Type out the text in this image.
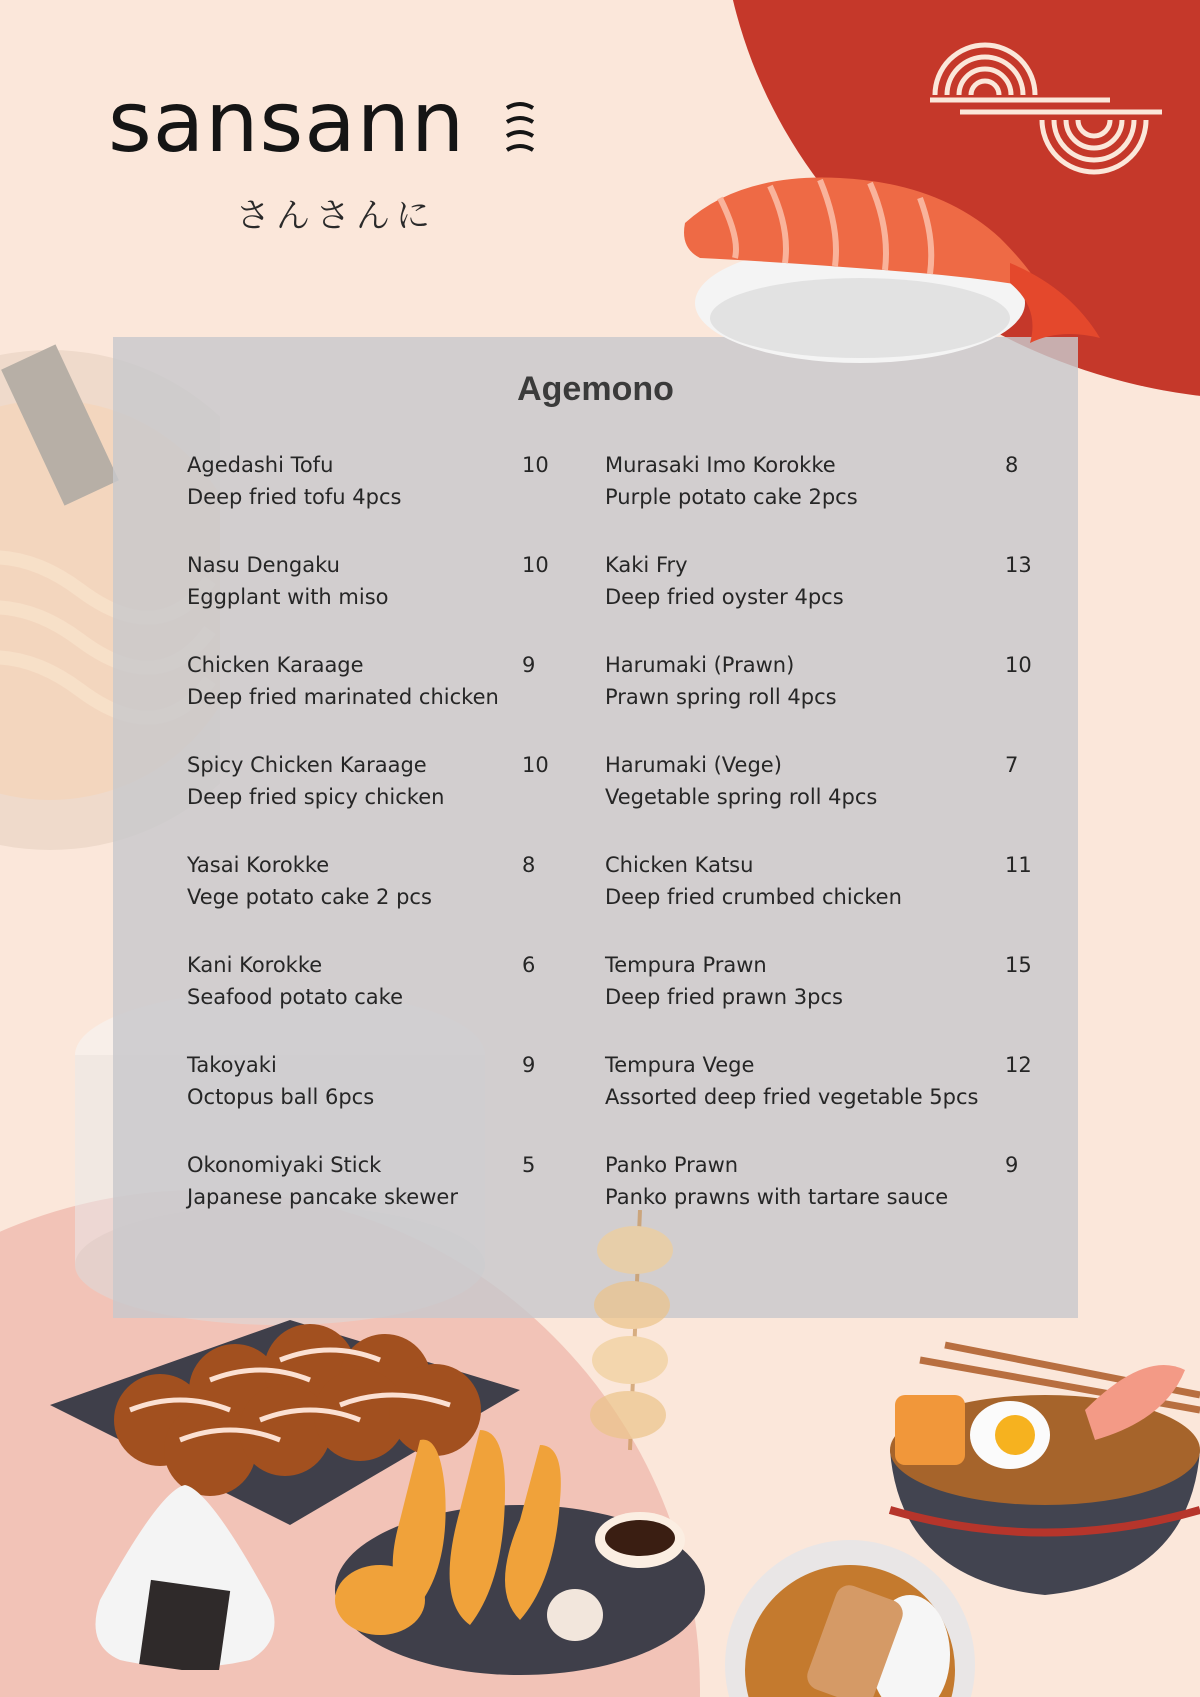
sansann
さんさんに
Agemono
Agedashi Tofu
Deep fried tofu 4pcs
10
Nasu Dengaku
Eggplant with miso
10
Chicken Karaage
Deep fried marinated chicken
9
Spicy Chicken Karaage
Deep fried spicy chicken
10
Yasai Korokke
Vege potato cake 2 pcs
8
Kani Korokke
Seafood potato cake
6
Takoyaki
Octopus ball 6pcs
9
Okonomiyaki Stick
Japanese pancake skewer
5
Murasaki Imo Korokke
Purple potato cake 2pcs
8
Kaki Fry
Deep fried oyster 4pcs
13
Harumaki (Prawn)
Prawn spring roll 4pcs
10
Harumaki (Vege)
Vegetable spring roll 4pcs
7
Chicken Katsu
Deep fried crumbed chicken
11
Tempura Prawn
Deep fried prawn 3pcs
15
Tempura Vege
Assorted deep fried vegetable 5pcs
12
Panko Prawn
Panko prawns with tartare sauce
9
